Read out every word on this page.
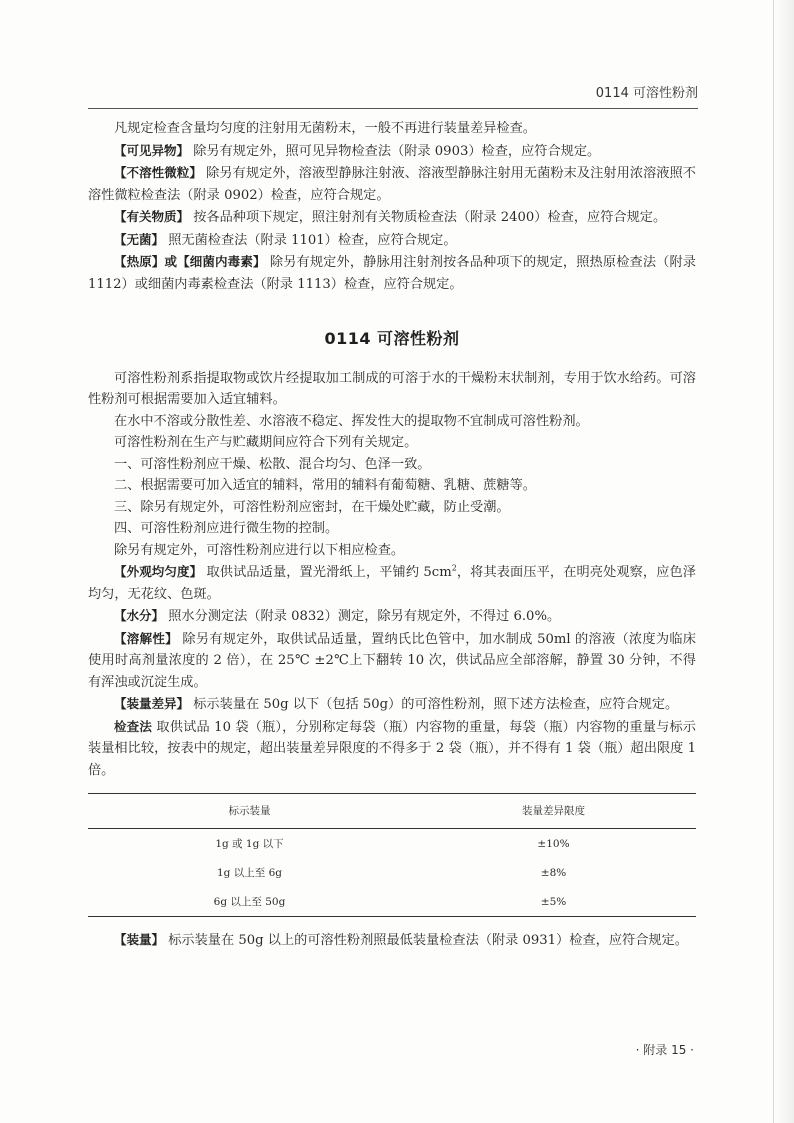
0114 可溶性粉剂

凡规定检查含量均匀度的注射用无菌粉末，一般不再进行装量差异检查。

【可见异物】 除另有规定外，照可见异物检查法（附录 0903）检查，应符合规定。

【不溶性微粒】 除另有规定外，溶液型静脉注射液、溶液型静脉注射用无菌粉末及注射用浓溶液照不溶性微粒检查法（附录 0902）检查，应符合规定。

【有关物质】 按各品种项下规定，照注射剂有关物质检查法（附录 2400）检查，应符合规定。

【无菌】 照无菌检查法（附录 1101）检查，应符合规定。

【热原】或【细菌内毒素】 除另有规定外，静脉用注射剂按各品种项下的规定，照热原检查法（附录 1112）或细菌内毒素检查法（附录 1113）检查，应符合规定。

0114 可溶性粉剂

可溶性粉剂系指提取物或饮片经提取加工制成的可溶于水的干燥粉末状制剂，专用于饮水给药。可溶性粉剂可根据需要加入适宜辅料。

在水中不溶或分散性差、水溶液不稳定、挥发性大的提取物不宜制成可溶性粉剂。

可溶性粉剂在生产与贮藏期间应符合下列有关规定。

一、可溶性粉剂应干燥、松散、混合均匀、色泽一致。

二、根据需要可加入适宜的辅料，常用的辅料有葡萄糖、乳糖、蔗糖等。

三、除另有规定外，可溶性粉剂应密封，在干燥处贮藏，防止受潮。

四、可溶性粉剂应进行微生物的控制。

除另有规定外，可溶性粉剂应进行以下相应检查。

【外观均匀度】 取供试品适量，置光滑纸上，平铺约 $5cm^2$，将其表面压平，在明亮处观察，应色泽均匀，无花纹、色斑。

【水分】 照水分测定法（附录 0832）测定，除另有规定外，不得过 6.0%。

【溶解性】 除另有规定外，取供试品适量，置纳氏比色管中，加水制成 50ml 的溶液（浓度为临床使用时高剂量浓度的 2 倍），在 25℃ ±2℃上下翻转 10 次，供试品应全部溶解，静置 30 分钟，不得有浑浊或沉淀生成。

【装量差异】 标示装量在 50g 以下（包括 50g）的可溶性粉剂，照下述方法检查，应符合规定。

检查法 取供试品 10 袋（瓶），分别称定每袋（瓶）内容物的重量，每袋（瓶）内容物的重量与标示装量相比较，按表中的规定，超出装量差异限度的不得多于 2 袋（瓶），并不得有 1 袋（瓶）超出限度 1 倍。

标示装量	装量差异限度
1g 或 1g 以下	±10%
1g 以上至 6g	±8%
6g 以上至 50g	±5%

【装量】 标示装量在 50g 以上的可溶性粉剂照最低装量检查法（附录 0931）检查，应符合规定。

· 附录 15 ·
